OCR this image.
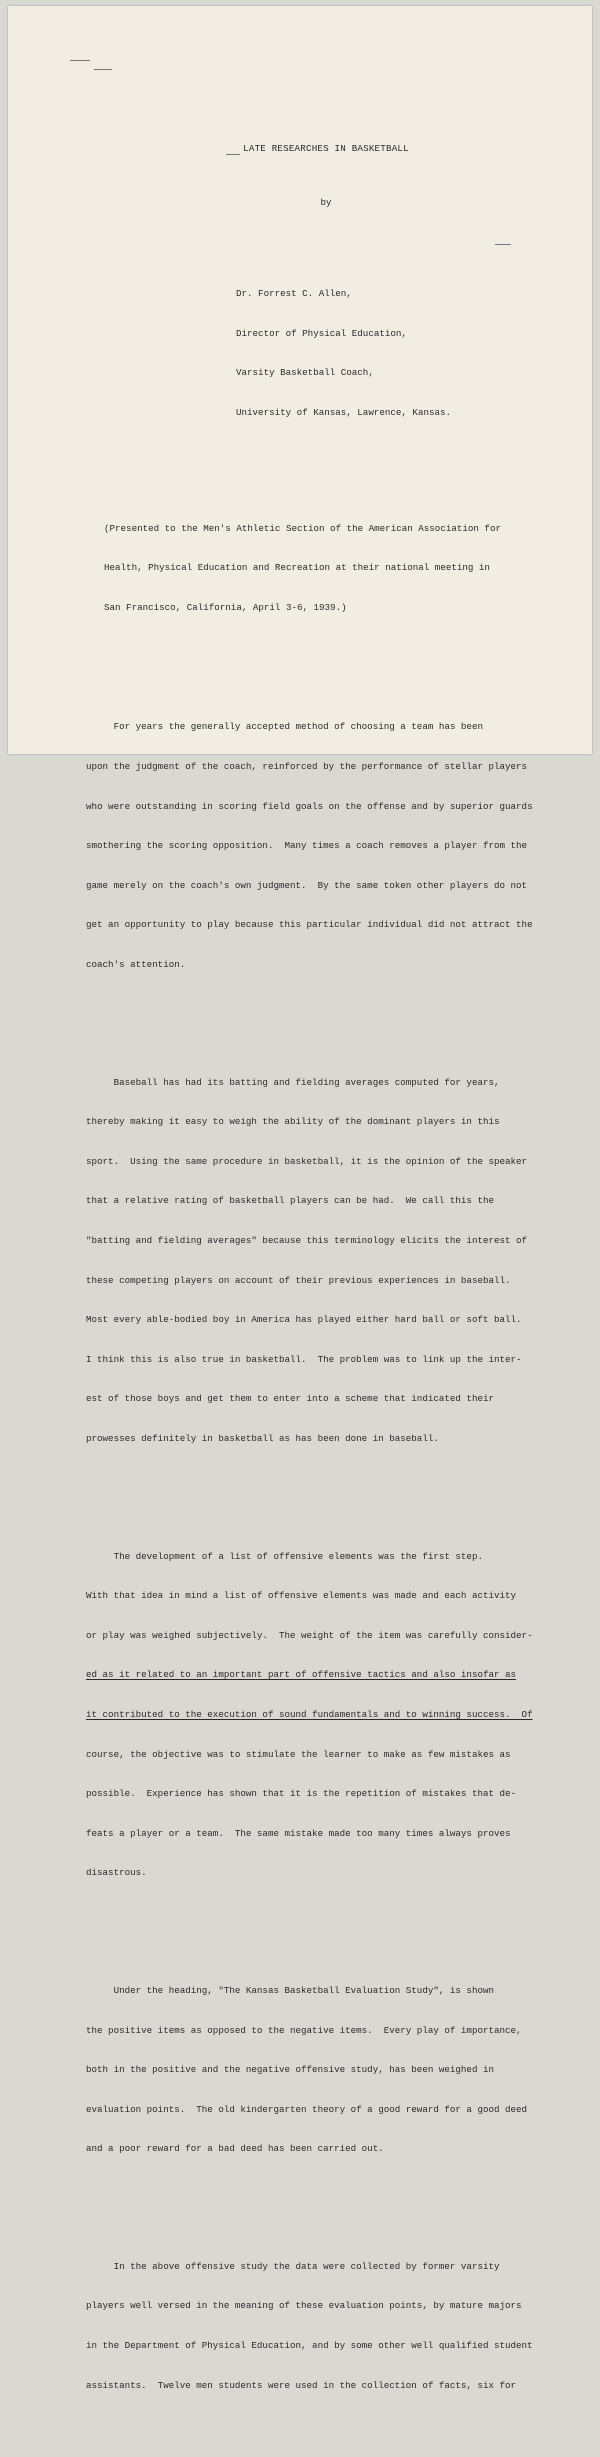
LATE RESEARCHES IN BASKETBALL

by

Dr. Forrest C. Allen,

Director of Physical Education,

Varsity Basketball Coach,

University of Kansas, Lawrence, Kansas.

(Presented to the Men's Athletic Section of the American Association for

Health, Physical Education and Recreation at their national meeting in

San Francisco, California, April 3-6, 1939.)

For years the generally accepted method of choosing a team has been

upon the judgment of the coach, reinforced by the performance of stellar players

who were outstanding in scoring field goals on the offense and by superior guards

smothering the scoring opposition.  Many times a coach removes a player from the

game merely on the coach's own judgment.  By the same token other players do not

get an opportunity to play because this particular individual did not attract the

coach's attention.

Baseball has had its batting and fielding averages computed for years,

thereby making it easy to weigh the ability of the dominant players in this

sport.  Using the same procedure in basketball, it is the opinion of the speaker

that a relative rating of basketball players can be had.  We call this the

"batting and fielding averages" because this terminology elicits the interest of

these competing players on account of their previous experiences in baseball.

Most every able-bodied boy in America has played either hard ball or soft ball.

I think this is also true in basketball.  The problem was to link up the inter-

est of those boys and get them to enter into a scheme that indicated their

prowesses definitely in basketball as has been done in baseball.

The development of a list of offensive elements was the first step.

With that idea in mind a list of offensive elements was made and each activity

or play was weighed subjectively.  The weight of the item was carefully consider-

ed as it related to an important part of offensive tactics and also insofar as

it contributed to the execution of sound fundamentals and to winning success.  Of

course, the objective was to stimulate the learner to make as few mistakes as

possible.  Experience has shown that it is the repetition of mistakes that de-

feats a player or a team.  The same mistake made too many times always proves

disastrous.

Under the heading, "The Kansas Basketball Evaluation Study", is shown

the positive items as opposed to the negative items.  Every play of importance,

both in the positive and the negative offensive study, has been weighed in

evaluation points.  The old kindergarten theory of a good reward for a good deed

and a poor reward for a bad deed has been carried out.

In the above offensive study the data were collected by former varsity

players well versed in the meaning of these evaluation points, by mature majors

in the Department of Physical Education, and by some other well qualified student

assistants.  Twelve men students were used in the collection of facts, six for
